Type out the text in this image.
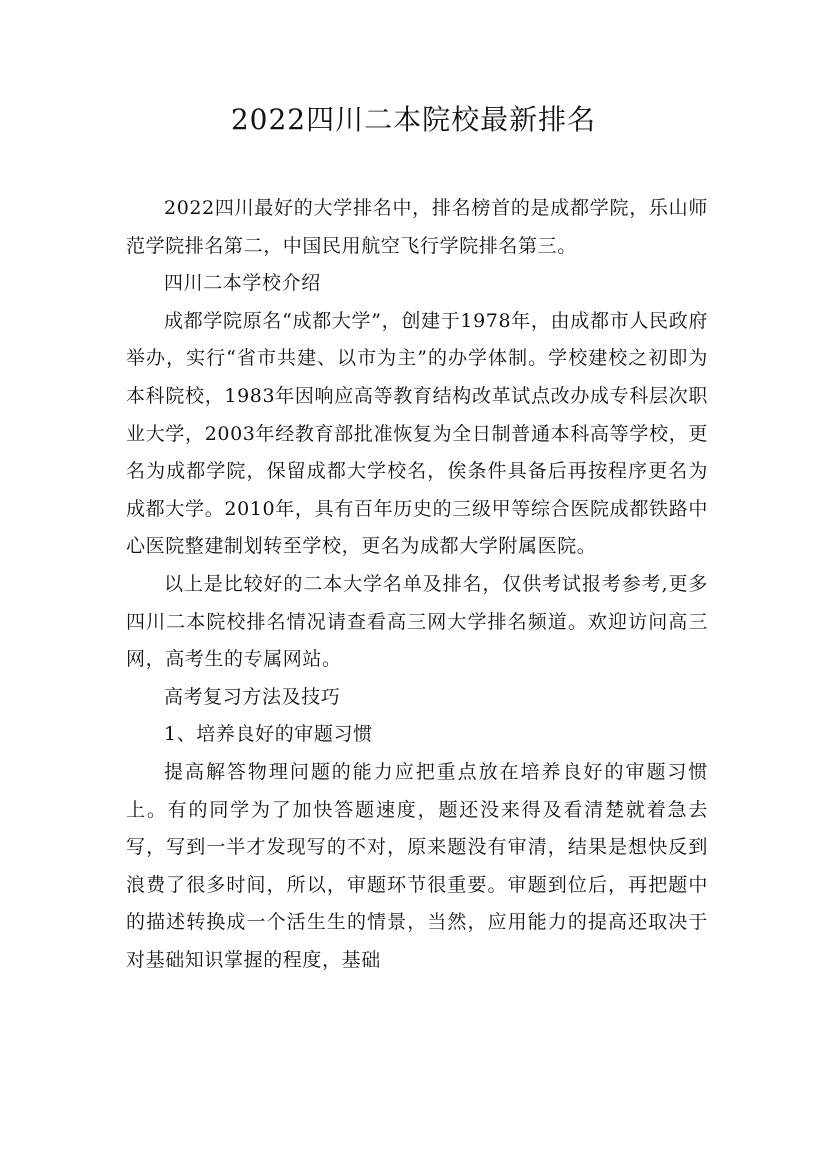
2022四川二本院校最新排名

2022四川最好的大学排名中，排名榜首的是成都学院，乐山师范学院排名第二，中国民用航空飞行学院排名第三。

四川二本学校介绍

成都学院原名“成都大学”，创建于1978年，由成都市人民政府举办，实行“省市共建、以市为主”的办学体制。学校建校之初即为本科院校，1983年因响应高等教育结构改革试点改办成专科层次职业大学，2003年经教育部批准恢复为全日制普通本科高等学校，更名为成都学院，保留成都大学校名，俟条件具备后再按程序更名为成都大学。2010年，具有百年历史的三级甲等综合医院成都铁路中心医院整建制划转至学校，更名为成都大学附属医院。

以上是比较好的二本大学名单及排名，仅供考试报考参考,更多四川二本院校排名情况请查看高三网大学排名频道。欢迎访问高三网，高考生的专属网站。

高考复习方法及技巧

1、培养良好的审题习惯

提高解答物理问题的能力应把重点放在培养良好的审题习惯上。有的同学为了加快答题速度，题还没来得及看清楚就着急去写，写到一半才发现写的不对，原来题没有审清，结果是想快反到浪费了很多时间，所以，审题环节很重要。审题到位后，再把题中的描述转换成一个活生生的情景，当然，应用能力的提高还取决于对基础知识掌握的程度，基础
